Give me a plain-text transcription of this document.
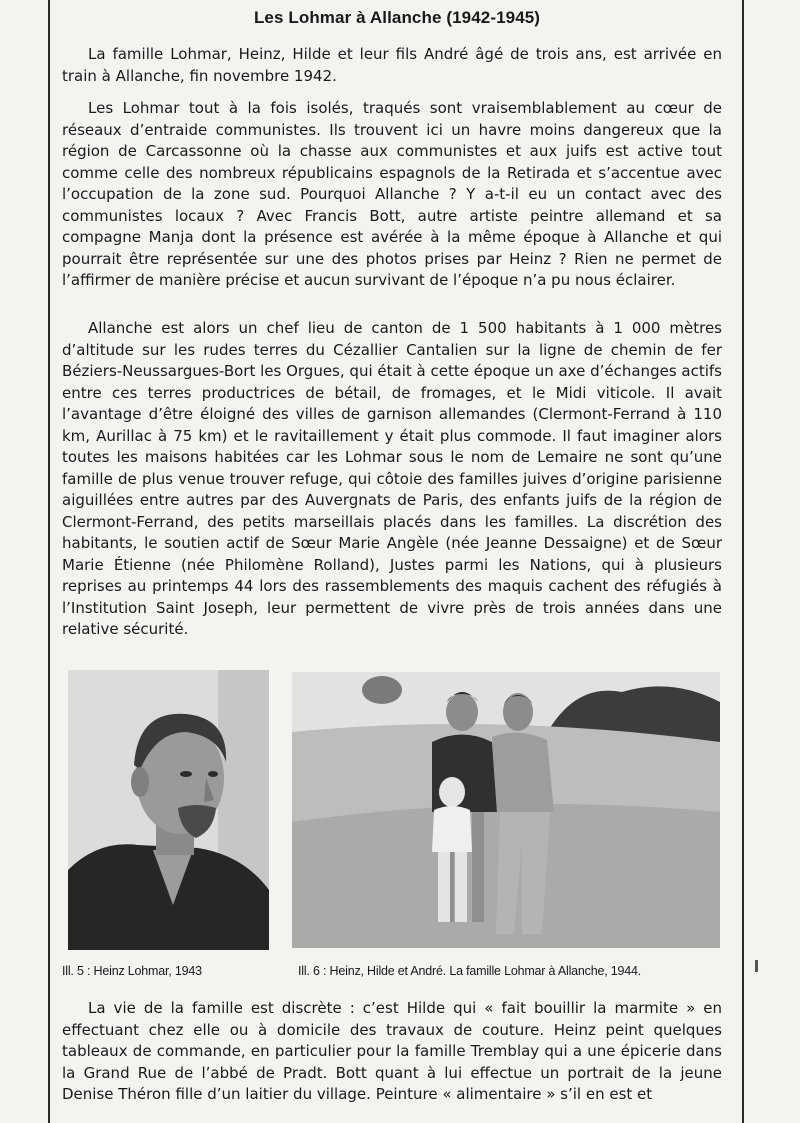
Les Lohmar à Allanche (1942-1945)

La famille Lohmar, Heinz, Hilde et leur fils André âgé de trois ans, est arrivée en train à Allanche, fin novembre 1942.

Les Lohmar tout à la fois isolés, traqués sont vraisemblablement au cœur de réseaux d’entraide communistes. Ils trouvent ici un havre moins dangereux que la région de Carcassonne où la chasse aux communistes et aux juifs est active tout comme celle des nombreux républicains espagnols de la Retirada et s’accentue avec l’occupation de la zone sud. Pourquoi Allanche ? Y a-t-il eu un contact avec des communistes locaux ? Avec Francis Bott, autre artiste peintre allemand et sa compagne Manja dont la présence est avérée à la même époque à Allanche et qui pourrait être représentée sur une des photos prises par Heinz ? Rien ne permet de l’affirmer de manière précise et aucun survivant de l’époque n’a pu nous éclairer.

Allanche est alors un chef lieu de canton de 1 500 habitants à 1 000 mètres d’altitude sur les rudes terres du Cézallier Cantalien sur la ligne de chemin de fer Béziers-Neussargues-Bort les Orgues, qui était à cette époque un axe d’échanges actifs entre ces terres productrices de bétail, de fromages, et le Midi viticole. Il avait l’avantage d’être éloigné des villes de garnison allemandes (Clermont-Ferrand à 110 km, Aurillac à 75 km) et le ravitaillement y était plus commode. Il faut imaginer alors toutes les maisons habitées car les Lohmar sous le nom de Lemaire ne sont qu’une famille de plus venue trouver refuge, qui côtoie des familles juives d’origine parisienne aiguillées entre autres par des Auvergnats de Paris, des enfants juifs de la région de Clermont-Ferrand, des petits marseillais placés dans les familles. La discrétion des habitants, le soutien actif de Sœur Marie Angèle (née Jeanne Dessaigne) et de Sœur Marie Étienne (née Philomène Rolland), Justes parmi les Nations, qui à plusieurs reprises au printemps 44 lors des rassemblements des maquis cachent des réfugiés à l’Institution Saint Joseph, leur permettent de vivre près de trois années dans une relative sécurité.

Ill. 5 : Heinz Lohmar, 1943	Ill. 6 : Heinz, Hilde et André. La famille Lohmar à Allanche, 1944.

La vie de la famille est discrète : c’est Hilde qui « fait bouillir la marmite » en effectuant chez elle ou à domicile des travaux de couture. Heinz peint quelques tableaux de commande, en particulier pour la famille Tremblay qui a une épicerie dans la Grand Rue de l’abbé de Pradt. Bott quant à lui effectue un portrait de la jeune Denise Théron fille d’un laitier du village. Peinture « alimentaire » s’il en est et
